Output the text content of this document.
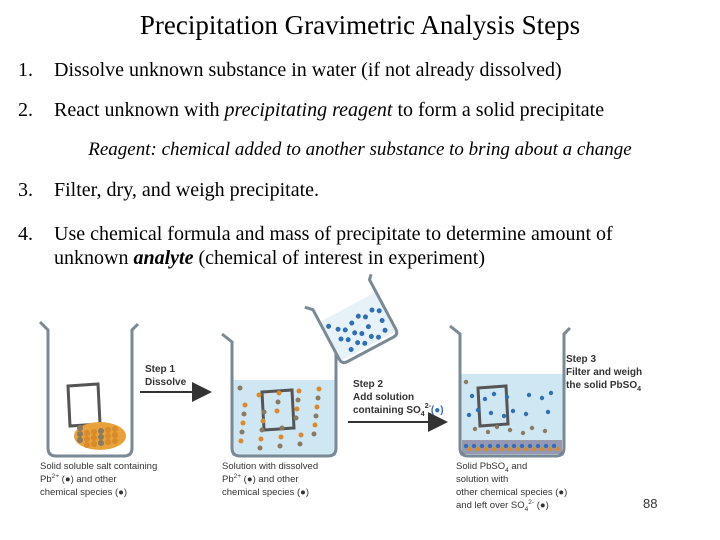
Precipitation Gravimetric Analysis Steps
1. Dissolve unknown substance in water (if not already dissolved)
2. React unknown with precipitating reagent to form a solid precipitate
Reagent: chemical added to another substance to bring about a change
3. Filter, dry, and weigh precipitate.
4. Use chemical formula and mass of precipitate to determine amount of
unknown analyte (chemical of interest in experiment)
Step 1
Dissolve	Step 2
Add solution
containing $SO_4^{2-}(●)$
Step 3
Filter and weigh
the solid PbSO$_4$
Solid soluble salt containing
$Pb^{2+}$ (●) and other
chemical species (●)
Solution with dissolved
$Pb^{2+}$ (●) and other
chemical species (●)
Solid PbSO$_4$ and
solution with
other chemical species (●)
and left over $SO_4^{2-}$ (●)	88
